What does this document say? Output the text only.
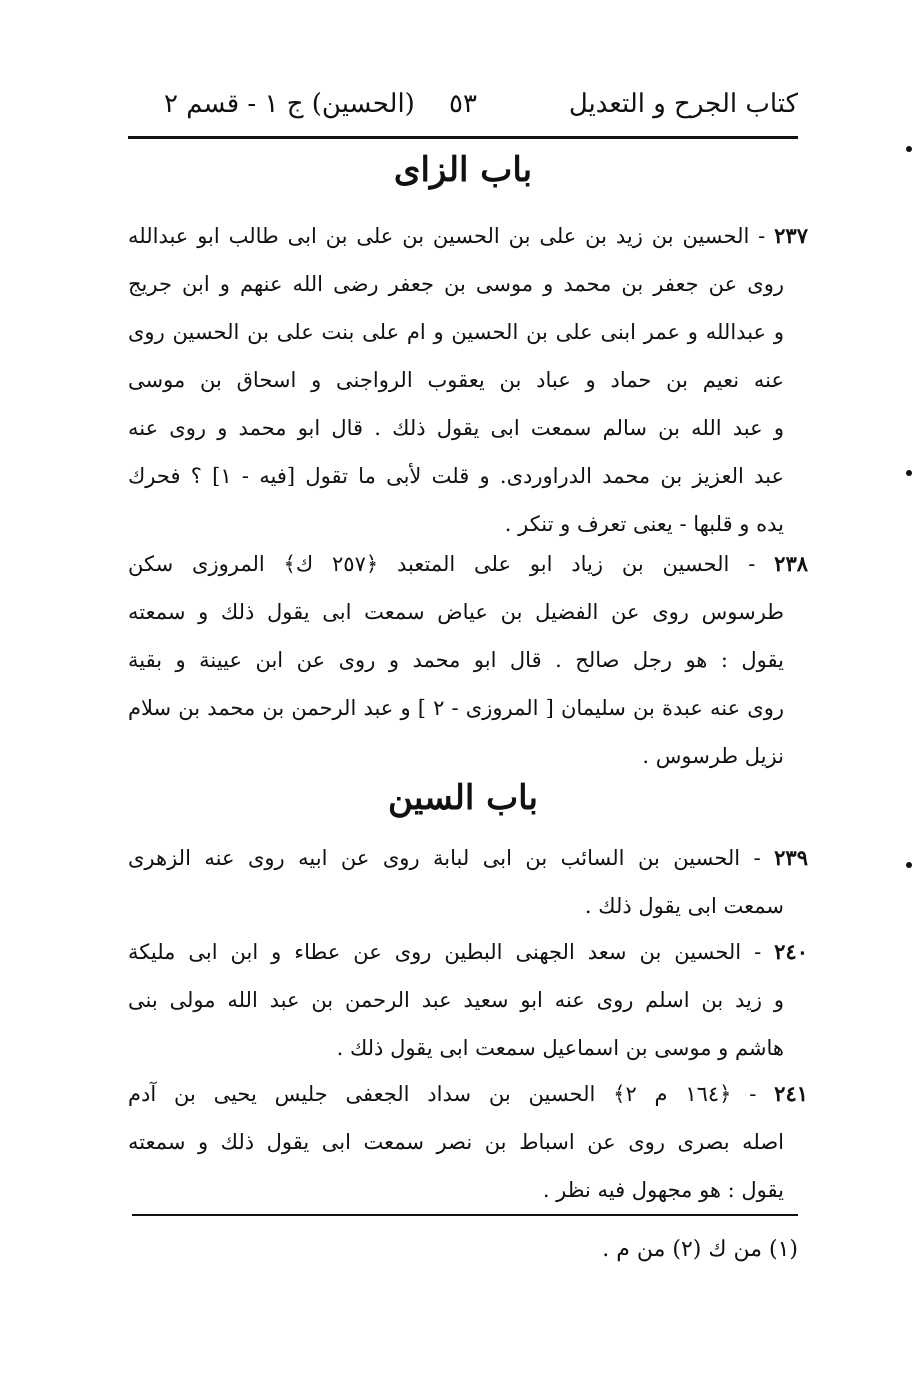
كتاب الجرح و التعديل
٥٣
(الحسين) ج ١ - قسم ٢
باب الزاى
٢٣٧ - الحسين بن زيد بن على بن الحسين بن على بن ابى طالب ابو عبدالله
روى عن جعفر بن محمد و موسى بن جعفر رضى الله عنهم و ابن جريج
و عبدالله و عمر ابنى على بن الحسين و ام على بنت على بن الحسين روى
عنه نعيم بن حماد و عباد بن يعقوب الرواجنى و اسحاق بن موسى
و عبد الله بن سالم سمعت ابى يقول ذلك . قال ابو محمد و روى عنه
عبد العزيز بن محمد الدراوردى. و قلت لأبى ما تقول [فيه - ١] ؟ فحرك
يده و قلبها - يعنى تعرف و تنكر .
٢٣٨ - الحسين بن زياد ابو على المتعبد ﴿٢٥٧ ك﴾ المروزى سكن
طرسوس روى عن الفضيل بن عياض سمعت ابى يقول ذلك و سمعته
يقول : هو رجل صالح . قال ابو محمد و روى عن ابن عيينة و بقية
روى عنه عبدة بن سليمان [ المروزى - ٢ ] و عبد الرحمن بن محمد بن سلام
نزيل طرسوس .
باب السين
٢٣٩ - الحسين بن السائب بن ابى لبابة روى عن ابيه روى عنه الزهرى
سمعت ابى يقول ذلك .
٢٤٠ - الحسين بن سعد الجهنى البطين روى عن عطاء و ابن ابى مليكة
و زيد بن اسلم روى عنه ابو سعيد عبد الرحمن بن عبد الله مولى بنى
هاشم و موسى بن اسماعيل سمعت ابى يقول ذلك .
٢٤١ - ﴿١٦٤ م ٢﴾ الحسين بن سداد الجعفى جليس يحيى بن آدم
اصله بصرى روى عن اسباط بن نصر سمعت ابى يقول ذلك و سمعته
يقول : هو مجهول فيه نظر .
(١) من ك (٢) من م .
